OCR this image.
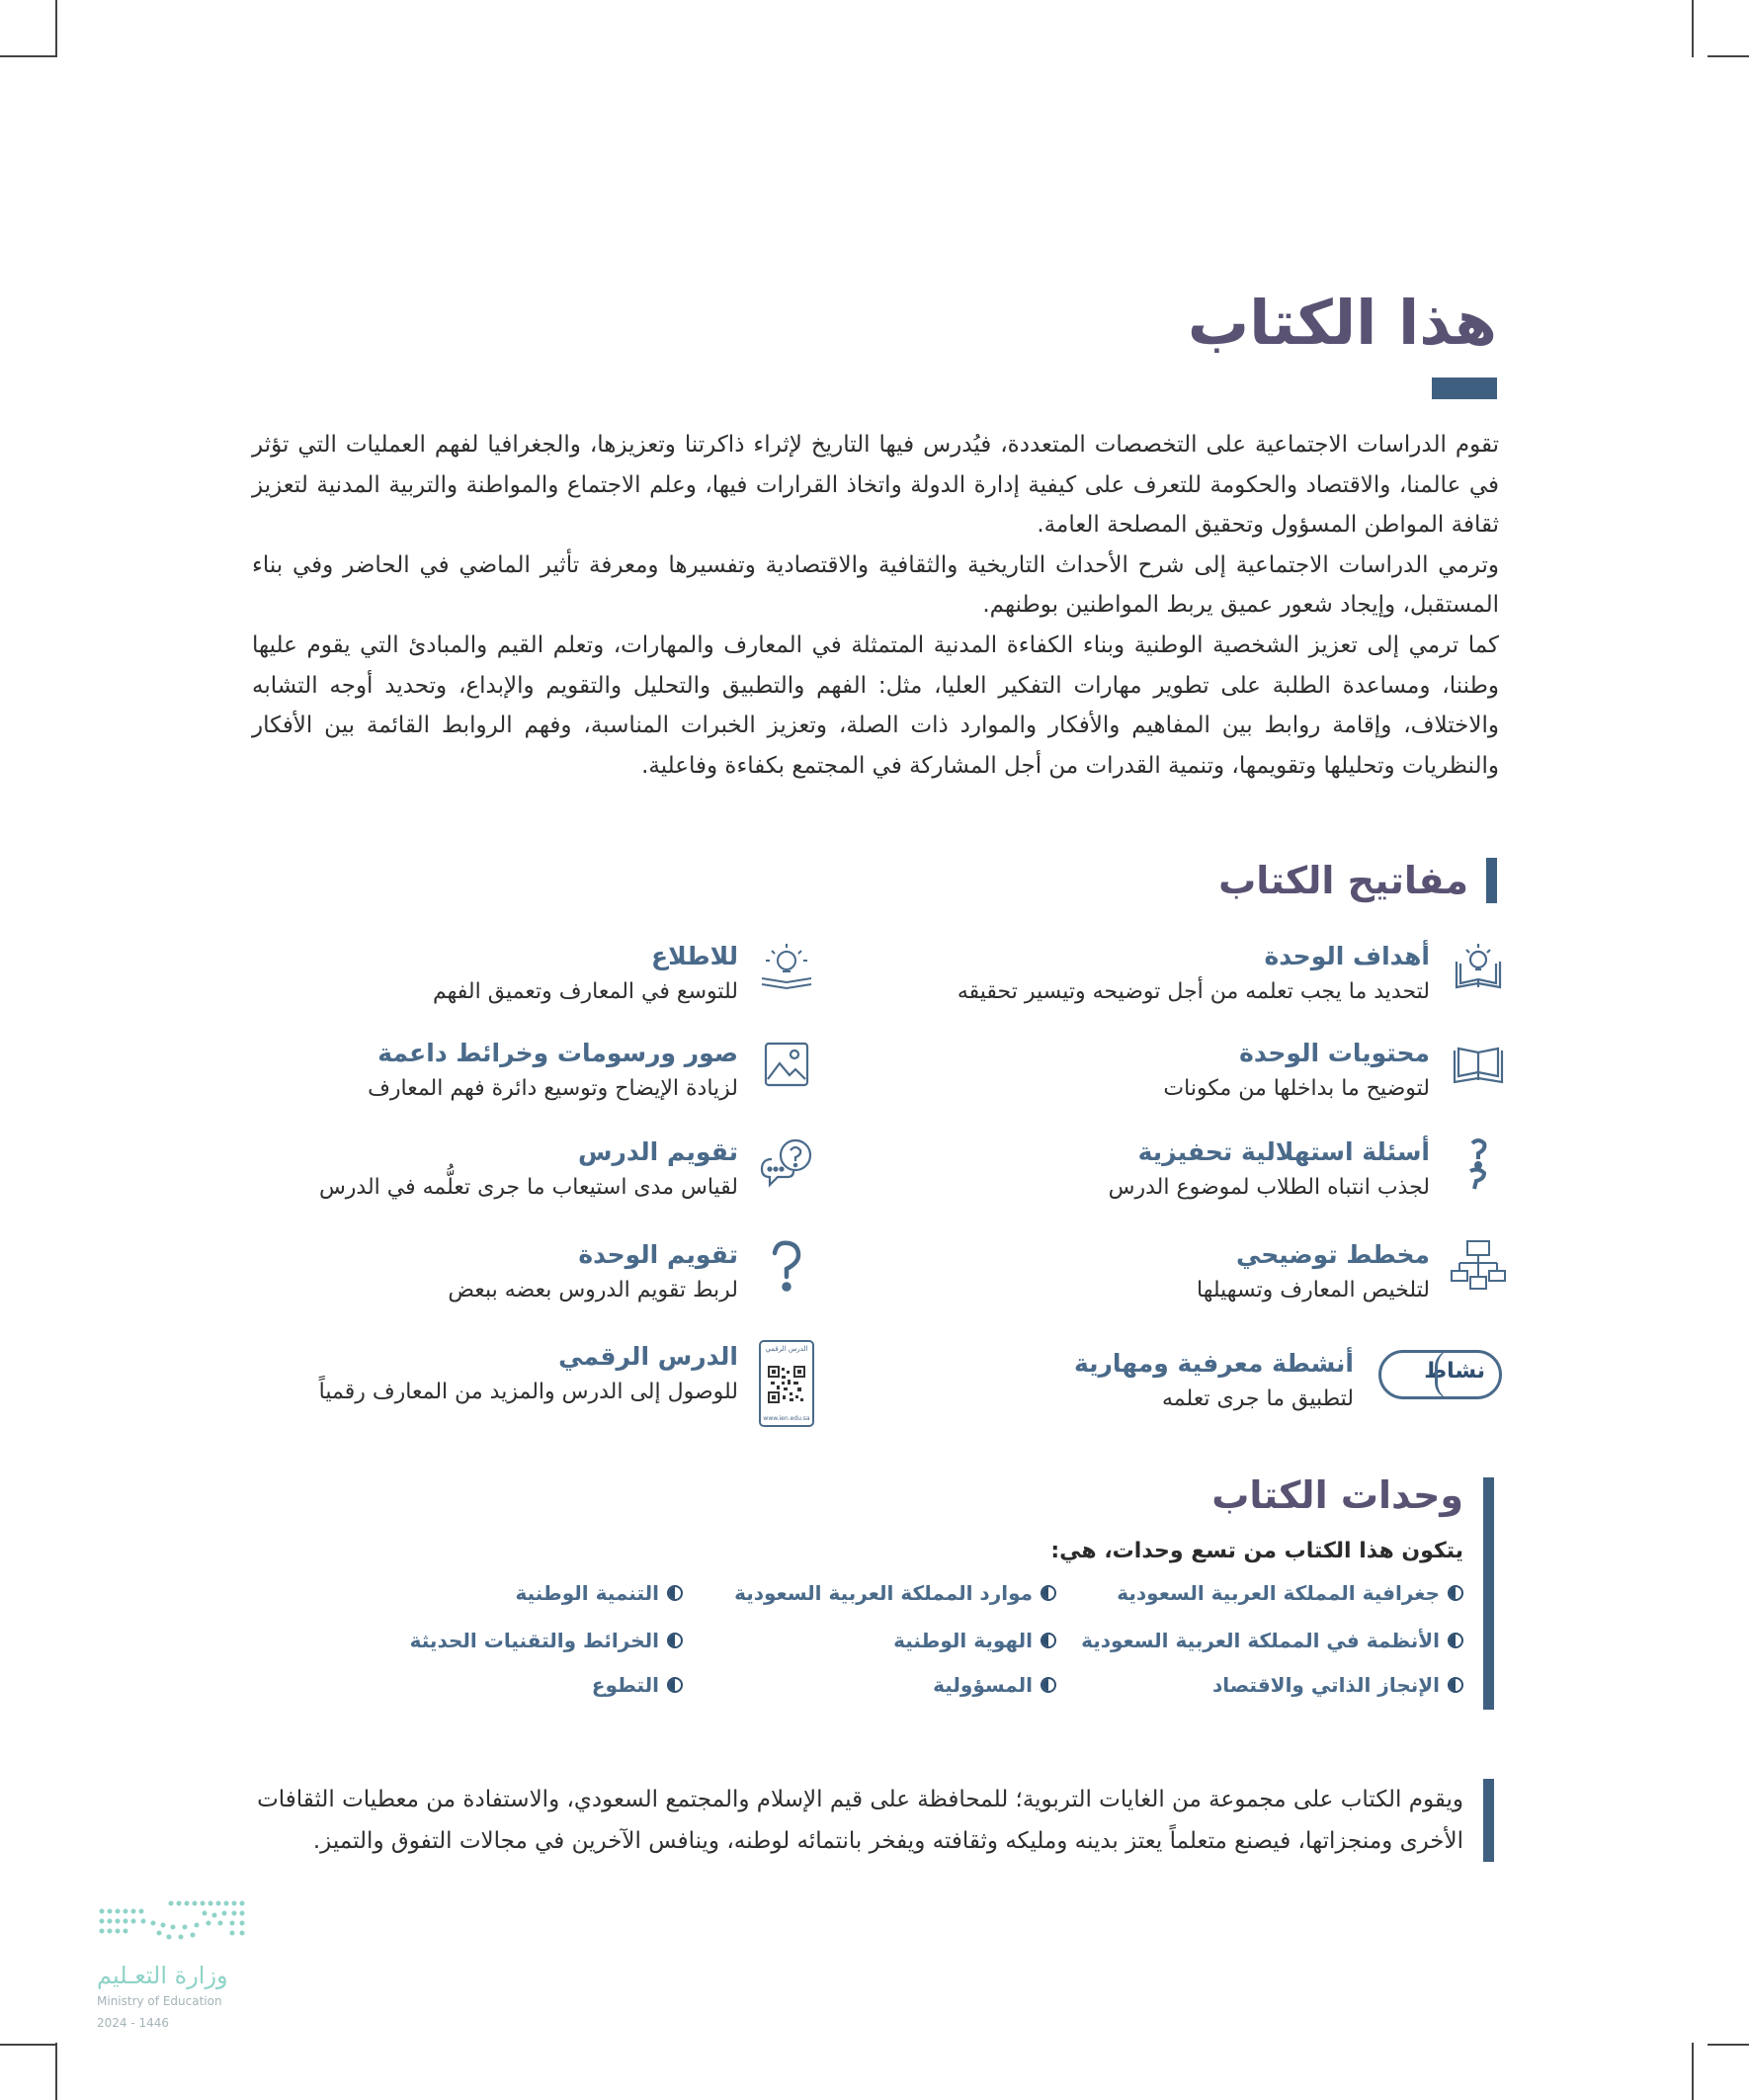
هذا الكتاب

تقوم الدراسات الاجتماعية على التخصصات المتعددة، فيُدرس فيها التاريخ لإثراء ذاكرتنا وتعزيزها، والجغرافيا لفهم العمليات التي تؤثر في عالمنا، والاقتصاد والحكومة للتعرف على كيفية إدارة الدولة واتخاذ القرارات فيها، وعلم الاجتماع والمواطنة والتربية المدنية لتعزيز ثقافة المواطن المسؤول وتحقيق المصلحة العامة.

وترمي الدراسات الاجتماعية إلى شرح الأحداث التاريخية والثقافية والاقتصادية وتفسيرها ومعرفة تأثير الماضي في الحاضر وفي بناء المستقبل، وإيجاد شعور عميق يربط المواطنين بوطنهم.

كما ترمي إلى تعزيز الشخصية الوطنية وبناء الكفاءة المدنية المتمثلة في المعارف والمهارات، وتعلم القيم والمبادئ التي يقوم عليها وطننا، ومساعدة الطلبة على تطوير مهارات التفكير العليا، مثل: الفهم والتطبيق والتحليل والتقويم والإبداع، وتحديد أوجه التشابه والاختلاف، وإقامة روابط بين المفاهيم والأفكار والموارد ذات الصلة، وتعزيز الخبرات المناسبة، وفهم الروابط القائمة بين الأفكار والنظريات وتحليلها وتقويمها، وتنمية القدرات من أجل المشاركة في المجتمع بكفاءة وفاعلية.

مفاتيح الكتاب
أهداف الوحدة
لتحديد ما يجب تعلمه من أجل توضيحه وتيسير تحقيقه
محتويات الوحدة
لتوضيح ما بداخلها من مكونات
أسئلة استهلالية تحفيزية
لجذب انتباه الطلاب لموضوع الدرس
مخطط توضيحي
لتلخيص المعارف وتسهيلها
نشاط
أنشطة معرفية ومهارية
لتطبيق ما جرى تعلمه
للاطلاع
للتوسع في المعارف وتعميق الفهم
صور ورسومات وخرائط داعمة
لزيادة الإيضاح وتوسيع دائرة فهم المعارف
تقويم الدرس
لقياس مدى استيعاب ما جرى تعلُّمه في الدرس
تقويم الوحدة
لربط تقويم الدروس بعضه ببعض
الدرس الرقمي
www.ien.edu.sa
الدرس الرقمي
للوصول إلى الدرس والمزيد من المعارف رقمياً
وحدات الكتاب
يتكون هذا الكتاب من تسع وحدات، هي:
جغرافية المملكة العربية السعودية
موارد المملكة العربية السعودية
التنمية الوطنية
الأنظمة في المملكة العربية السعودية
الهوية الوطنية
الخرائط والتقنيات الحديثة
الإنجاز الذاتي والاقتصاد
المسؤولية
التطوع
ويقوم الكتاب على مجموعة من الغايات التربوية؛ للمحافظة على قيم الإسلام والمجتمع السعودي، والاستفادة من معطيات الثقافات الأخرى ومنجزاتها، فيصنع متعلماً يعتز بدينه ومليكه وثقافته ويفخر بانتمائه لوطنه، وينافس الآخرين في مجالات التفوق والتميز.
وزارة التعـليم
Ministry of Education
2024 - 1446
